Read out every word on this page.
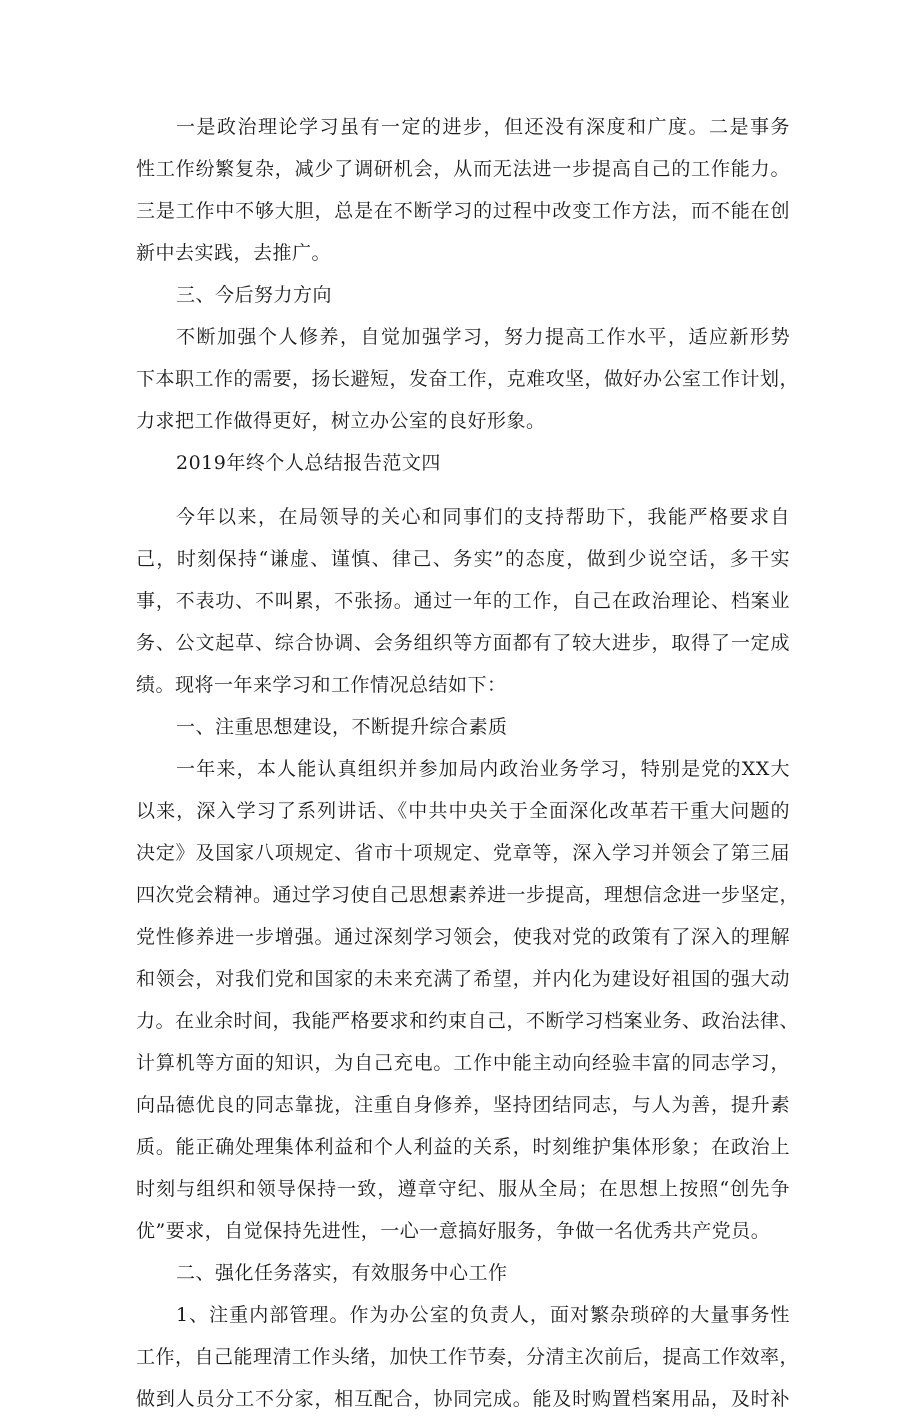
一是政治理论学习虽有一定的进步，但还没有深度和广度。二是事务
性工作纷繁复杂，减少了调研机会，从而无法进一步提高自己的工作能力。
三是工作中不够大胆，总是在不断学习的过程中改变工作方法，而不能在创
新中去实践，去推广。
三、今后努力方向
不断加强个人修养，自觉加强学习，努力提高工作水平，适应新形势
下本职工作的需要，扬长避短，发奋工作，克难攻坚，做好办公室工作计划，
力求把工作做得更好，树立办公室的良好形象。
2019年终个人总结报告范文四
今年以来，在局领导的关心和同事们的支持帮助下，我能严格要求自
己，时刻保持“谦虚、谨慎、律己、务实”的态度，做到少说空话，多干实
事，不表功、不叫累，不张扬。通过一年的工作，自己在政治理论、档案业
务、公文起草、综合协调、会务组织等方面都有了较大进步，取得了一定成
绩。现将一年来学习和工作情况总结如下：
一、注重思想建设，不断提升综合素质
一年来，本人能认真组织并参加局内政治业务学习，特别是党的XX大
以来，深入学习了系列讲话、《中共中央关于全面深化改革若干重大问题的
决定》及国家八项规定、省市十项规定、党章等，深入学习并领会了第三届
四次党会精神。通过学习使自己思想素养进一步提高，理想信念进一步坚定，
党性修养进一步增强。通过深刻学习领会，使我对党的政策有了深入的理解
和领会，对我们党和国家的未来充满了希望，并内化为建设好祖国的强大动
力。在业余时间，我能严格要求和约束自己，不断学习档案业务、政治法律、
计算机等方面的知识，为自己充电。工作中能主动向经验丰富的同志学习，
向品德优良的同志靠拢，注重自身修养，坚持团结同志，与人为善，提升素
质。能正确处理集体利益和个人利益的关系，时刻维护集体形象；在政治上
时刻与组织和领导保持一致，遵章守纪、服从全局；在思想上按照“创先争
优”要求，自觉保持先进性，一心一意搞好服务，争做一名优秀共产党员。
二、强化任务落实，有效服务中心工作
1、注重内部管理。作为办公室的负责人，面对繁杂琐碎的大量事务性
工作，自己能理清工作头绪，加快工作节奏，分清主次前后，提高工作效率，
做到人员分工不分家，相互配合，协同完成。能及时购置档案用品，及时补
